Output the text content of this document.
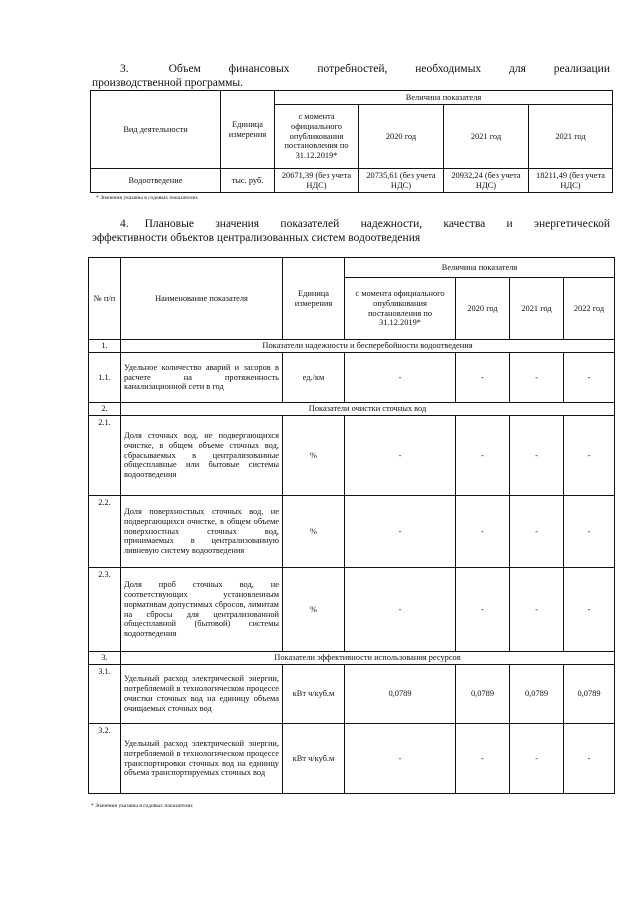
3.	Объем финансовых потребностей, необходимых для реализации
производственной программы.
Вид деятельности	Единица измерения	Величина показателя			
		с момента официального опубликования постановления по 31.12.2019*	2020 год	2021 год	2021 год
Водоотведение	тыс. руб.	20671,39 (без учета НДС)	20735,61 (без учета НДС)	20932,24 (без учета НДС)	18211,49 (без учета НДС)
* Значения указаны в годовых показателях
4. Плановые значения показателей надежности, качества и энергетической
эффективности объектов централизованных систем водоотведения
№ п/п	Наименование показателя	Единица измерения	Величина показателя			
			с момента официального опубликования постановления по 31.12.2019*	2020 год	2021 год	2022 год
1.	Показатели надежности и бесперебойности водоотведения					
1.1.	Удельное количество аварий и засоров в расчете на протяженность канализационной сети в год	ед./км	-	-	-	-
2.	Показатели очистки сточных вод					
2.1.	Доля сточных вод, не подвергающихся очистке, в общем объеме сточных вод, сбрасываемых в централизованные общесплавные или бытовые системы водоотведения	%	-	-	-	-
2.2.	Доля поверхностных сточных вод, не подвергающихся очистке, в общем объеме поверхностных сточных вод, принимаемых в централизованную ливневую систему водоотведения	%	-	-	-	-
2.3.	Доля проб сточных вод, не соответствующих установленным нормативам допустимых сбросов, лимитам на сбросы для централизованной общесплавной (бытовой) системы водоотведения	%	-	-	-	-
3.	Показатели эффективности использования ресурсов					
3.1.	Удельный расход электрической энергии, потребляемой в технологическом процессе очистки сточных вод на единицу объема очищаемых сточных вод	кВт ч/куб.м	0,0789	0,0789	0,0789	0,0789
3.2.	Удельный расход электрической энергии, потребляемой в технологическом процессе транспортировки сточных вод на единицу объема транспортируемых сточных вод	кВт ч/куб.м	-	-	-	-
* Значения указаны в годовых показателях
